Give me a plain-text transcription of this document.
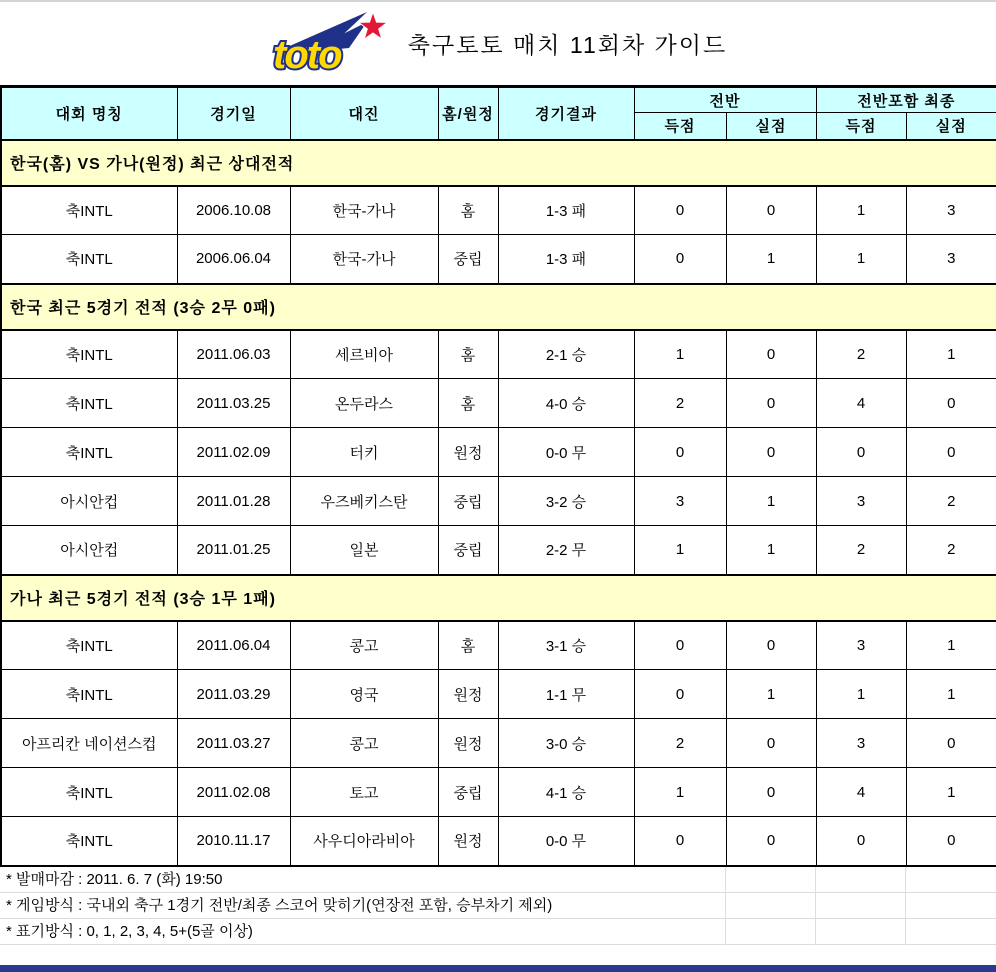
toto	축구토토 매치 11회차 가이드
대회 명칭	경기일	대진	홈/원정	경기결과	전반		전반포함 최종	
					득점	실점	득점	실점
한국(홈) VS 가나(원정) 최근 상대전적								
축INTL	2006.10.08	한국-가나	홈	1-3 패	0	0	1	3
축INTL	2006.06.04	한국-가나	중립	1-3 패	0	1	1	3
한국 최근 5경기 전적 (3승 2무 0패)								
축INTL	2011.06.03	세르비아	홈	2-1 승	1	0	2	1
축INTL	2011.03.25	온두라스	홈	4-0 승	2	0	4	0
축INTL	2011.02.09	터키	원정	0-0 무	0	0	0	0
아시안컵	2011.01.28	우즈베키스탄	중립	3-2 승	3	1	3	2
아시안컵	2011.01.25	일본	중립	2-2 무	1	1	2	2
가나 최근 5경기 전적 (3승 1무 1패)								
축INTL	2011.06.04	콩고	홈	3-1 승	0	0	3	1
축INTL	2011.03.29	영국	원정	1-1 무	0	1	1	1
아프리칸 네이션스컵	2011.03.27	콩고	원정	3-0 승	2	0	3	0
축INTL	2011.02.08	토고	중립	4-1 승	1	0	4	1
축INTL	2010.11.17	사우디아라비아	원정	0-0 무	0	0	0	0
* 발매마감 : 2011. 6. 7 (화) 19:50
* 게임방식 : 국내외 축구 1경기 전반/최종 스코어 맞히기(연장전 포함, 승부차기 제외)
* 표기방식 : 0, 1, 2, 3, 4, 5+(5골 이상)
